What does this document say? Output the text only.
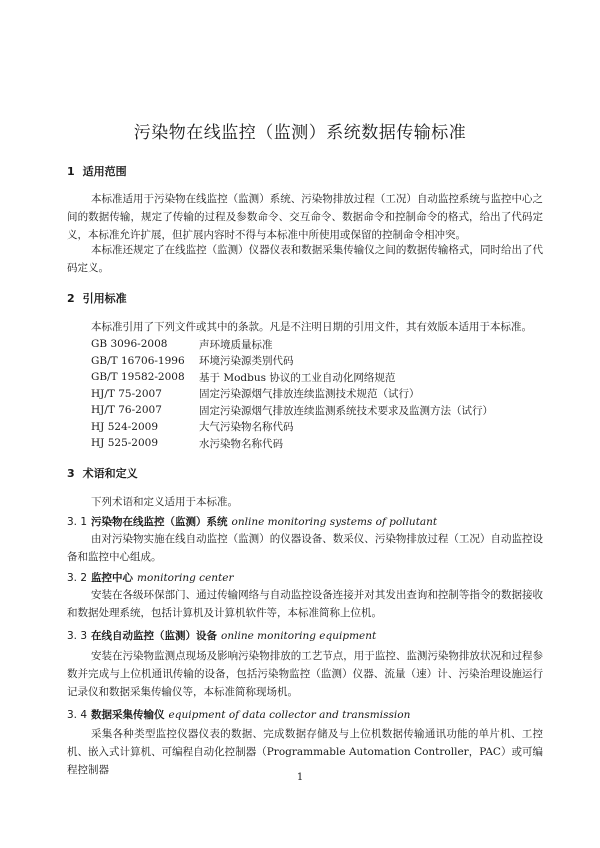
污染物在线监控（监测）系统数据传输标准
1 适用范围

本标准适用于污染物在线监控（监测）系统、污染物排放过程（工况）自动监控系统与监控中心之间的数据传输，规定了传输的过程及参数命令、交互命令、数据命令和控制命令的格式，给出了代码定义，本标准允许扩展，但扩展内容时不得与本标准中所使用或保留的控制命令相冲突。

本标准还规定了在线监控（监测）仪器仪表和数据采集传输仪之间的数据传输格式，同时给出了代码定义。

2 引用标准

本标准引用了下列文件或其中的条款。凡是不注明日期的引用文件，其有效版本适用于本标准。

GB 3096-2008	声环境质量标准
GB/T 16706-1996	环境污染源类别代码
GB/T 19582-2008	基于 Modbus 协议的工业自动化网络规范
HJ/T 75-2007	固定污染源烟气排放连续监测技术规范（试行）
HJ/T 76-2007	固定污染源烟气排放连续监测系统技术要求及监测方法（试行）
HJ 524-2009	大气污染物名称代码
HJ 525-2009	水污染物名称代码
3 术语和定义

下列术语和定义适用于本标准。

3. 1 污染物在线监控（监测）系统 online monitoring systems of pollutant

由对污染物实施在线自动监控（监测）的仪器设备、数采仪、污染物排放过程（工况）自动监控设备和监控中心组成。

3. 2 监控中心 monitoring center

安装在各级环保部门、通过传输网络与自动监控设备连接并对其发出查询和控制等指令的数据接收和数据处理系统，包括计算机及计算机软件等，本标准简称上位机。

3. 3 在线自动监控（监测）设备 online monitoring equipment

安装在污染物监测点现场及影响污染物排放的工艺节点，用于监控、监测污染物排放状况和过程参数并完成与上位机通讯传输的设备，包括污染物监控（监测）仪器、流量（速）计、污染治理设施运行记录仪和数据采集传输仪等，本标准简称现场机。

3. 4 数据采集传输仪 equipment of data collector and transmission

采集各种类型监控仪器仪表的数据、完成数据存储及与上位机数据传输通讯功能的单片机、工控机、嵌入式计算机、可编程自动化控制器（Programmable Automation Controller，PAC）或可编程控制器

1
